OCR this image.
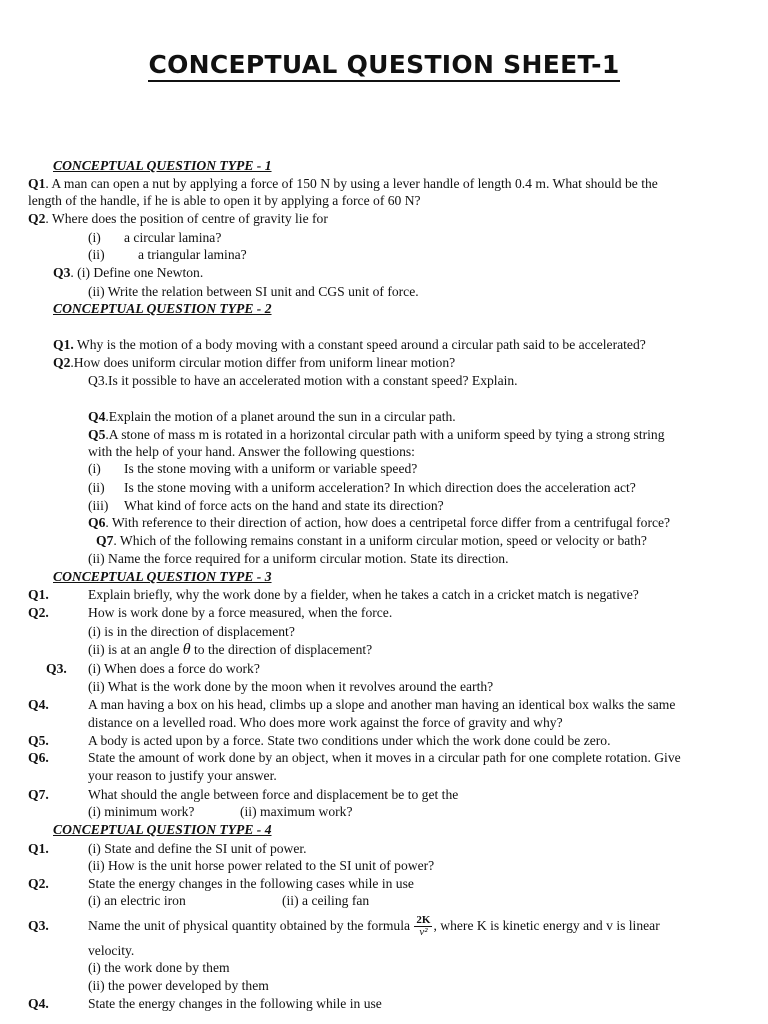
CONCEPTUAL QUESTION SHEET-1
CONCEPTUAL QUESTION TYPE - 1
Q1. A man can open a nut by applying a force of 150 N by using a lever handle of length 0.4 m. What should be the
length of the handle, if he is able to open it by applying a force of 60 N?
Q2. Where does the position of centre of gravity lie for
(i) a circular lamina?
(ii) a triangular lamina?
Q3. (i) Define one Newton.
(ii) Write the relation between SI unit and CGS unit of force.
CONCEPTUAL QUESTION TYPE - 2
Q1. Why is the motion of a body moving with a constant speed around a circular path said to be accelerated?
Q2.How does uniform circular motion differ from uniform linear motion?
Q3.Is it possible to have an accelerated motion with a constant speed? Explain.
Q4.Explain the motion of a planet around the sun in a circular path.
Q5.A stone of mass m is rotated in a horizontal circular path with a uniform speed by tying a strong string
with the help of your hand. Answer the following questions:
(i) Is the stone moving with a uniform or variable speed?
(ii) Is the stone moving with a uniform acceleration? In which direction does the acceleration act?
(iii) What kind of force acts on the hand and state its direction?
Q6. With reference to their direction of action, how does a centripetal force differ from a centrifugal force?
Q7. Which of the following remains constant in a uniform circular motion, speed or velocity or bath?
(ii) Name the force required for a uniform circular motion. State its direction.
CONCEPTUAL QUESTION TYPE - 3
Q1.	Explain briefly, why the work done by a fielder, when he takes a catch in a cricket match is negative?
Q2.	How is work done by a force measured, when the force.
(i) is in the direction of displacement?
(ii) is at an angle θ to the direction of displacement?
Q3. (i) When does a force do work?
(ii) What is the work done by the moon when it revolves around the earth?
Q4.	A man having a box on his head, climbs up a slope and another man having an identical box walks the same
distance on a levelled road. Who does more work against the force of gravity and why?
Q5.	A body is acted upon by a force. State two conditions under which the work done could be zero.
Q6.	State the amount of work done by an object, when it moves in a circular path for one complete rotation. Give
your reason to justify your answer.
Q7.	What should the angle between force and displacement be to get the
(i) minimum work?	(ii) maximum work?
CONCEPTUAL QUESTION TYPE - 4
Q1.	(i) State and define the SI unit of power.
(ii) How is the unit horse power related to the SI unit of power?
Q2.	State the energy changes in the following cases while in use
(i) an electric iron	(ii) a ceiling fan
Q3.	Name the unit of physical quantity obtained by the formula $\frac{2K}{\text{v²}}$ , where K is kinetic energy and v is linear
velocity.
(i) the work done by them
(ii) the power developed by them
Q4.	State the energy changes in the following while in use
